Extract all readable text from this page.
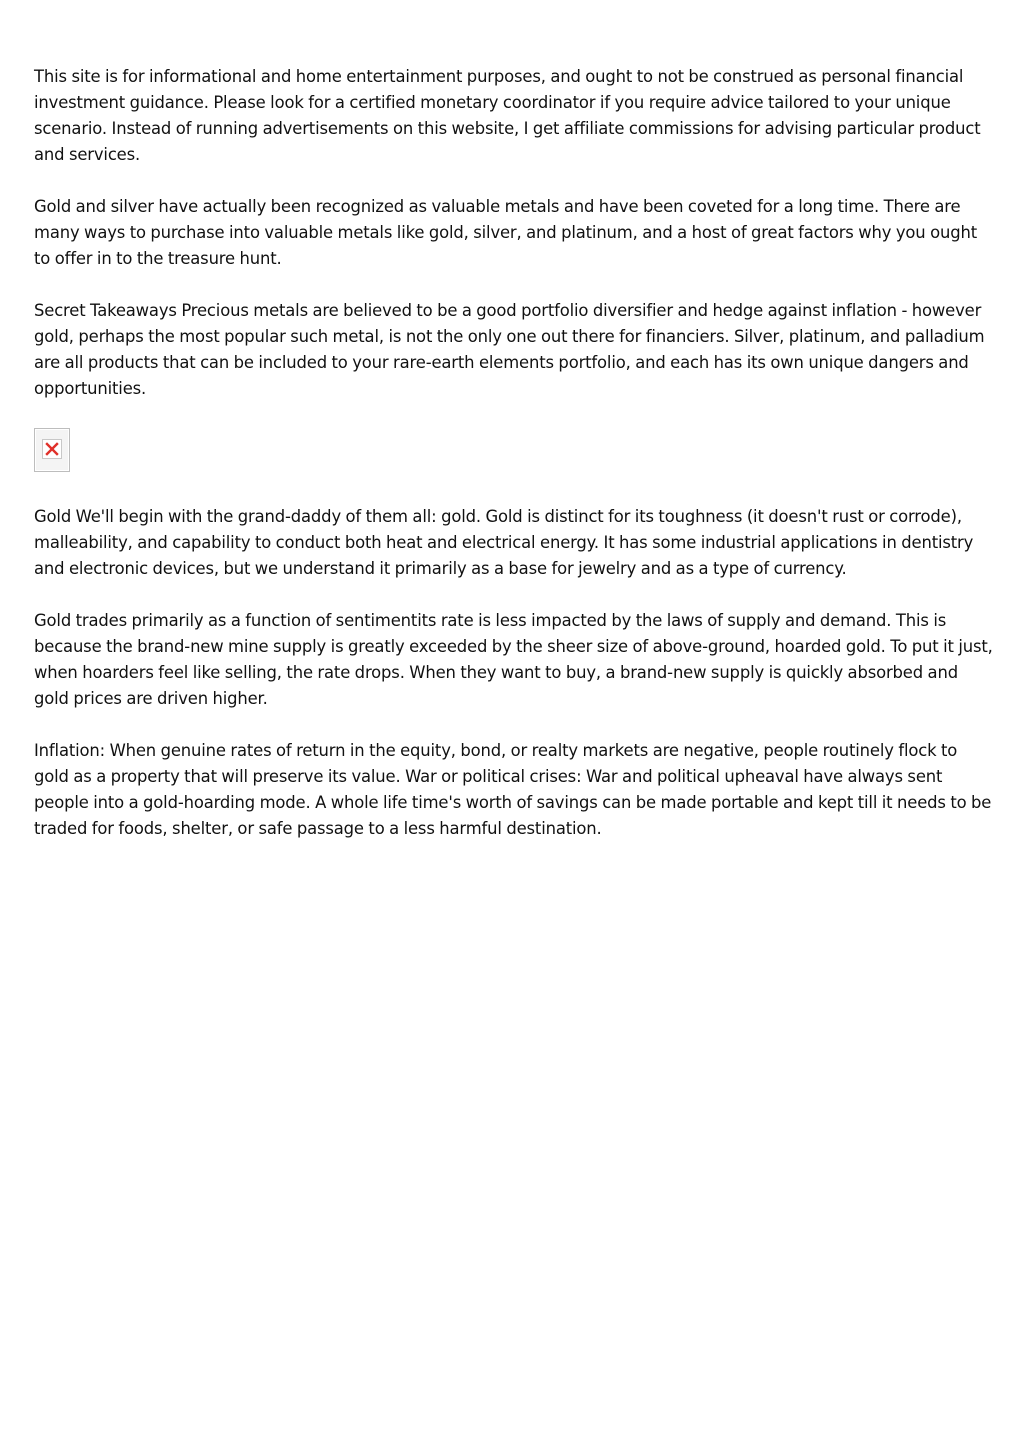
This site is for informational and home entertainment purposes, and ought to not be construed as personal financial investment guidance. Please look for a certified monetary coordinator if you require advice tailored to your unique scenario. Instead of running advertisements on this website, I get affiliate commissions for advising particular product and services.

Gold and silver have actually been recognized as valuable metals and have been coveted for a long time. There are many ways to purchase into valuable metals like gold, silver, and platinum, and a host of great factors why you ought to offer in to the treasure hunt.

Secret Takeaways Precious metals are believed to be a good portfolio diversifier and hedge against inflation - however gold, perhaps the most popular such metal, is not the only one out there for financiers. Silver, platinum, and palladium are all products that can be included to your rare-earth elements portfolio, and each has its own unique dangers and opportunities.

Gold We'll begin with the grand-daddy of them all: gold. Gold is distinct for its toughness (it doesn't rust or corrode), malleability, and capability to conduct both heat and electrical energy. It has some industrial applications in dentistry and electronic devices, but we understand it primarily as a base for jewelry and as a type of currency.

Gold trades primarily as a function of sentimentits rate is less impacted by the laws of supply and demand. This is because the brand-new mine supply is greatly exceeded by the sheer size of above-ground, hoarded gold. To put it just, when hoarders feel like selling, the rate drops. When they want to buy, a brand-new supply is quickly absorbed and gold prices are driven higher.

Inflation: When genuine rates of return in the equity, bond, or realty markets are negative, people routinely flock to gold as a property that will preserve its value. War or political crises: War and political upheaval have always sent people into a gold-hoarding mode. A whole life time's worth of savings can be made portable and kept till it needs to be traded for foods, shelter, or safe passage to a less harmful destination.
